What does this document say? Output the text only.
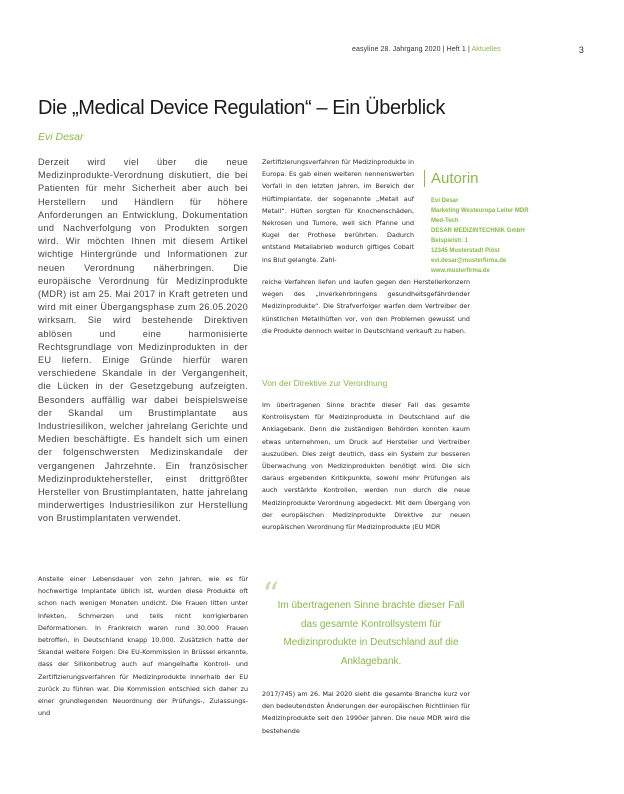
easyline 28. Jahrgang 2020 | Heft 1 | Aktuelles	3
Die „Medical Device Regulation“ – Ein Überblick
Evi Desar

Derzeit wird viel über die neue Medizinprodukte-Verordnung diskutiert, die bei Patienten für mehr Sicherheit aber auch bei Herstellern und Händlern für höhere Anforderungen an Entwicklung, Dokumentation und Nachverfolgung von Produkten sorgen wird. Wir möchten Ihnen mit diesem Artikel wichtige Hintergründe und Informationen zur neuen Verordnung näherbringen. Die europäische Verordnung für Medizinprodukte (MDR) ist am 25. Mai 2017 in Kraft getreten und wird mit einer Übergangsphase zum 26.05.2020 wirksam. Sie wird bestehende Direktiven ablösen und eine harmonisierte Rechtsgrundlage von Medizinprodukten in der EU liefern. Einige Gründe hierfür waren verschiedene Skandale in der Vergangenheit, die Lücken in der Gesetzgebung aufzeigten. Besonders auffällig war dabei beispielsweise der Skandal um Brustimplantate aus Industriesilikon, welcher jahrelang Gerichte und Medien beschäftigte. Es handelt sich um einen der folgenschwersten Medizinskandale der vergangenen Jahrzehnte. Ein französischer Medizinproduktehersteller, einst drittgrößter Hersteller von Brustimplantaten, hatte jahrelang minderwertiges Industriesilikon zur Herstellung von Brustimplantaten verwendet.

Anstelle einer Lebensdauer von zehn Jahren, wie es für hochwertige Implantate üblich ist, wurden diese Produkte oft schon nach wenigen Monaten undicht. Die Frauen litten unter Infekten, Schmerzen und teils nicht korrigierbaren Deformationen. In Frankreich waren rund 30.000 Frauen betroffen, in Deutschland knapp 10.000. Zusätzlich hatte der Skandal weitere Folgen: Die EU-Kommission in Brüssel erkannte, dass der Silikonbetrug auch auf mangelhafte Kontroll- und Zertifizierungsverfahren für Medizinprodukte innerhalb der EU zurück zu führen war. Die Kommission entschied sich daher zu einer grundlegenden Neuordnung der Prüfungs-, Zulassungs- und

Zertifizierungsverfahren für Medizinprodukte in Europa. Es gab einen weiteren nennenswerten Vorfall in den letzten Jahren, im Bereich der Hüftimplantate, der sogenannte „Metall auf Metall“. Hüften sorgten für Knochenschäden, Nekrosen und Tumore, weil sich Pfanne und Kugel der Prothese berührten. Dadurch entstand Metallabrieb wodurch giftiges Cobalt ins Blut gelangte. Zahl-

reiche Verfahren liefen und laufen gegen den Herstellerkonzern wegen des „Inverkehrbringens gesundheitsgefährdender Medizinprodukte“. Die Strafverfolger warfen dem Vertreiber der künstlichen Metallhüften vor, von den Problemen gewusst und die Produkte dennoch weiter in Deutschland verkauft zu haben.

Von der Direktive zur Verordnung

Im übertragenen Sinne brachte dieser Fall das gesamte Kontrollsystem für Medizinprodukte in Deutschland auf die Anklagebank. Denn die zuständigen Behörden konnten kaum etwas unternehmen, um Druck auf Hersteller und Vertreiber auszuüben. Dies zeigt deutlich, dass ein System zur besseren Überwachung von Medizinprodukten benötigt wird. Die sich daraus ergebenden Kritikpunkte, sowohl mehr Prüfungen als auch verstärkte Kontrollen, werden nun durch die neue Medizinprodukte Verordnung abgedeckt. Mit dem Übergang von der europäischen Medizinprodukte Direktive zur neuen europäischen Verordnung für Medizinprodukte (EU MDR

“

Im übertragenen Sinne brachte dieser Fall das gesamte Kontrollsystem für Medizinprodukte in Deutschland auf die Anklagebank.

2017/745) am 26. Mai 2020 sieht die gesamte Branche kurz vor den bedeutendsten Änderungen der europäischen Richtlinien für Medizinprodukte seit den 1990er Jahren. Die neue MDR wird die bestehende

Autorin
Evi Desar
Marketing Westeuropa Leiter MDR
Med-Tech
DESAR MEDIZINTECHNIK GmbH
Beispielstr. 1
12345 Musterstadt Piöst
evi.desar@musterfirma.de
www.musterfirma.de
